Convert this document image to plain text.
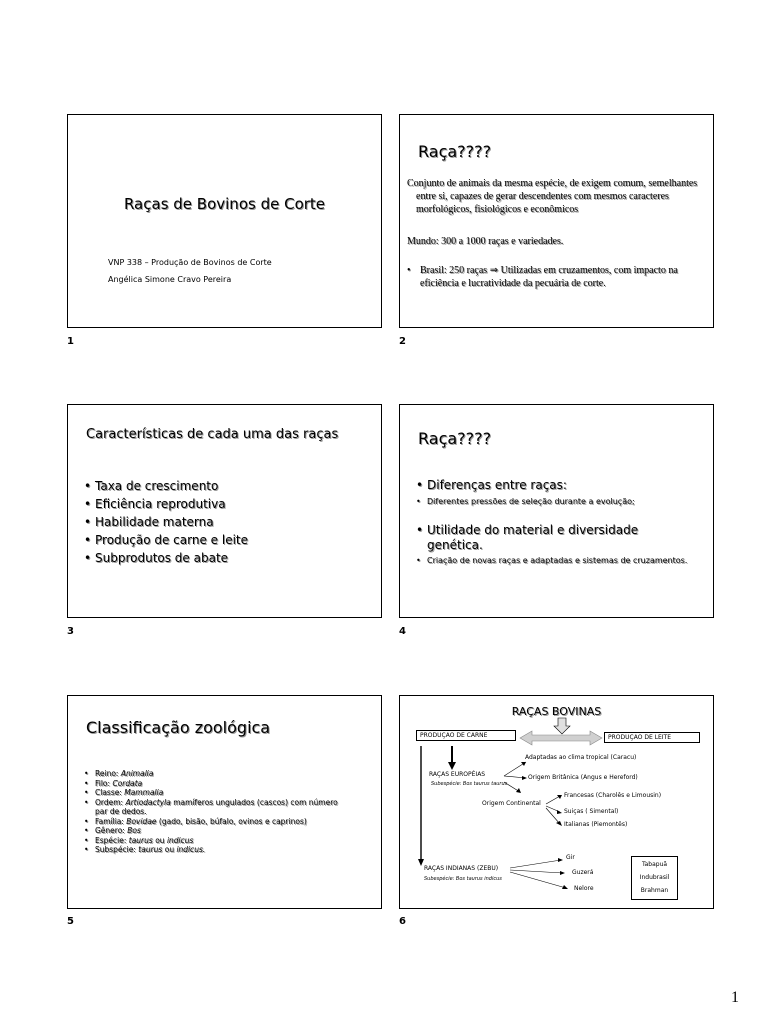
Raças de Bovinos de Corte
VNP 338 – Produção de Bovinos de Corte
Angélica Simone Cravo Pereira
1
Raça????
Conjunto de animais da mesma espécie, de exigem comum, semelhantes entre si, capazes de gerar descendentes com mesmos caracteres morfológicos, fisiológicos e econômicos
Mundo: 300 a 1000 raças e variedades.
• Brasil: 250 raças ⇒ Utilizadas em cruzamentos, com impacto na eficiência e lucratividade da pecuária de corte.
2
Características de cada uma das raças
• Taxa de crescimento
• Eficiência reprodutiva
• Habilidade materna
• Produção de carne e leite
• Subprodutos de abate
3
Raça????
• Diferenças entre raças:
• Diferentes pressões de seleção durante a evolução;
• Utilidade do material e diversidade genética.
• Criação de novas raças e adaptadas e sistemas de cruzamentos.
4
Classificação zoológica
• Reino: Animalia
• Filo: Cordata
• Classe: Mammalia
• Ordem: Artiodactyla mamíferos ungulados (cascos) com número par de dedos.
• Família: Bovidae (gado, bisão, búfalo, ovinos e caprinos)
• Gênero: Bos
• Espécie: taurus ou indicus
• Subspécie: taurus ou indicus.
5
RAÇAS BOVINAS
PRODUÇAO DE CARNE	PRODUÇAO DE LEITE
RAÇAS EUROPÉIAS
Subespécie: Bos taurus taurus
Adaptadas ao clima tropical (Caracu)
Origem Britânica (Angus e Hereford)
Origem Continental
Francesas (Charolês e Limousin)
Suiças ( Simental)
Italianas (Piemontês)
RAÇAS INDIANAS (ZEBU)
Subespécie: Bos taurus indicus
Gir
Guzerá
Nelore
Tabapuã
Indubrasil
Brahman
6
1
